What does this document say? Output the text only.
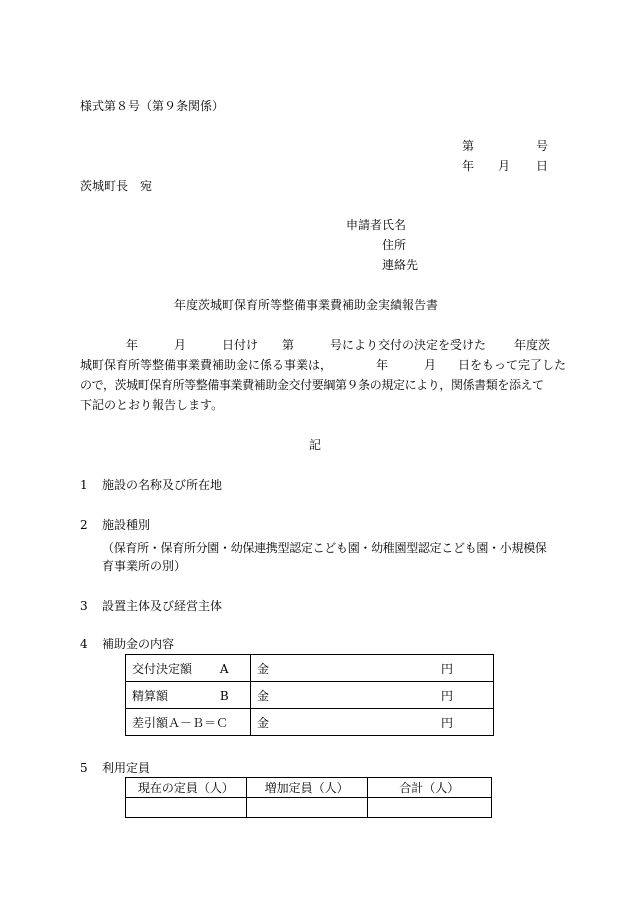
様式第８号（第９条関係）
第	号
年 月 日
茨城町長　宛
申請者氏名
住所
連絡先
年度茨城町保育所等整備事業費補助金実績報告書
年	月	日付け 第	号により交付の決定を受けた 年度茨
城町保育所等整備事業費補助金に係る事業は，	年	月 日をもって完了した
ので，茨城町保育所等整備事業費補助金交付要綱第９条の規定により，関係書類を添えて
下記のとおり報告します。
記
1 施設の名称及び所在地
2 施設種別
（保育所・保育所分園・幼保連携型認定こども園・幼稚園型認定こども園・小規模保
育事業所の別）
3 設置主体及び経営主体
4 補助金の内容
交付決定額 A	金 円

精算額 B	金 円

差引額Ａ－Ｂ＝Ｃ	金 円
5 利用定員
現在の定員（人）	増加定員（人）	合計（人）
